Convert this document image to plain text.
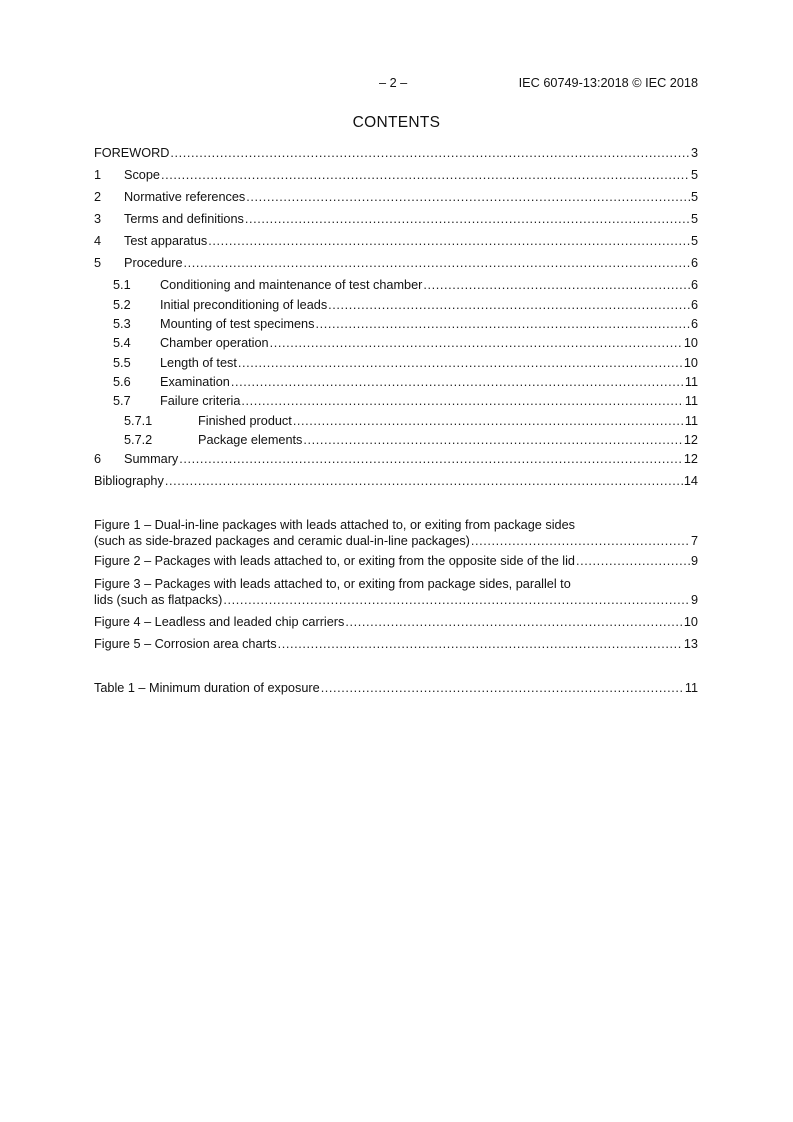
– 2 –	IEC 60749-13:2018 © IEC 2018
CONTENTS
FOREWORD .....	3
1	Scope .....	5
2	Normative references .....	5
3	Terms and definitions .....	5
4	Test apparatus .....	5
5	Procedure .....	6
5.1	Conditioning and maintenance of test chamber .....	6
5.2	Initial preconditioning of leads .....	6
5.3	Mounting of test specimens .....	6
5.4	Chamber operation .....	10
5.5	Length of test .....	10
5.6	Examination .....	11
5.7	Failure criteria .....	11
5.7.1	Finished product .....	11
5.7.2	Package elements .....	12
6	Summary .....	12
Bibliography .....	14
Figure 1 – Dual-in-line packages with leads attached to, or exiting from package sides
(such as side-brazed packages and ceramic dual-in-line packages) .....	7
Figure 2 – Packages with leads attached to, or exiting from the opposite side of the lid .....	9
Figure 3 – Packages with leads attached to, or exiting from package sides, parallel to
lids (such as flatpacks) .....	9
Figure 4 – Leadless and leaded chip carriers .....	10
Figure 5 – Corrosion area charts .....	13
Table 1 – Minimum duration of exposure .....	11
